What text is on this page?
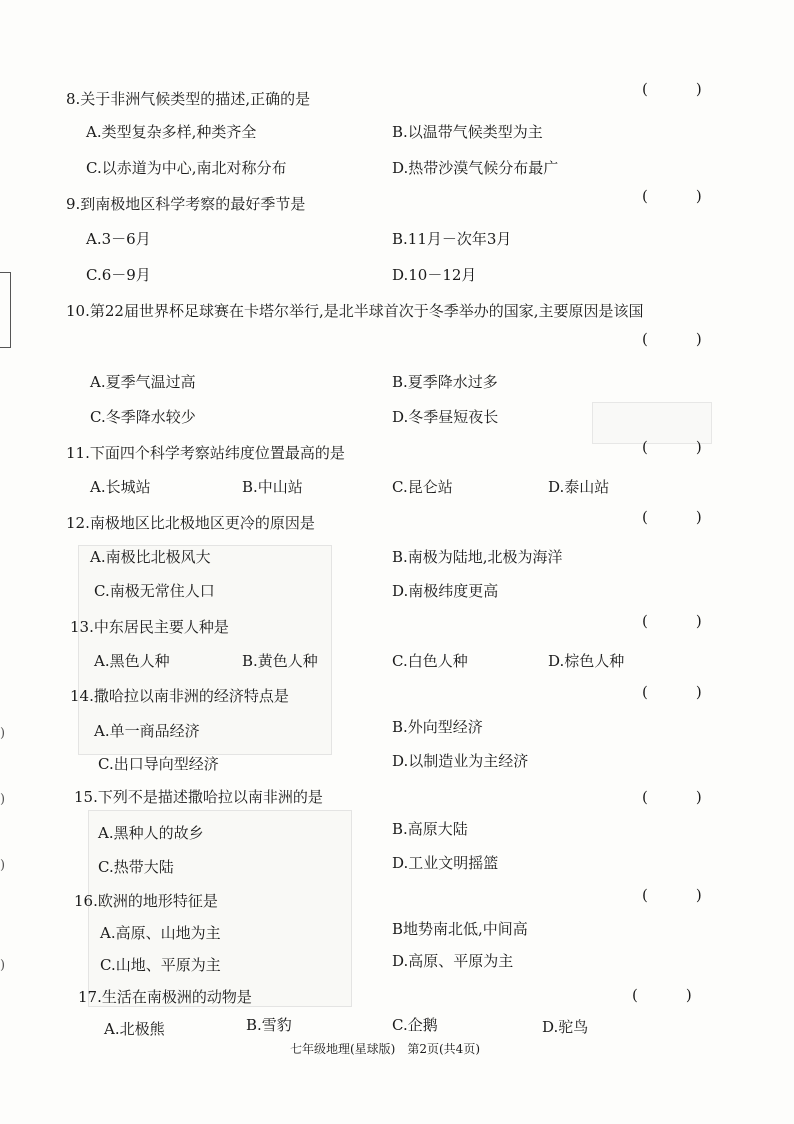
)
)
)
)
8.关于非洲气候类型的描述,正确的是
(	)
A.类型复杂多样,种类齐全	B.以温带气候类型为主
C.以赤道为中心,南北对称分布	D.热带沙漠气候分布最广
9.到南极地区科学考察的最好季节是	(	)
A.3－6月	B.11月－次年3月
C.6－9月	D.10－12月
10.第22届世界杯足球赛在卡塔尔举行,是北半球首次于冬季举办的国家,主要原因是该国
(	)
A.夏季气温过高	B.夏季降水过多
C.冬季降水较少	D.冬季昼短夜长
11.下面四个科学考察站纬度位置最高的是	(	)
A.长城站	B.中山站	C.昆仑站	D.泰山站
12.南极地区比北极地区更冷的原因是	(	)
A.南极比北极风大	B.南极为陆地,北极为海洋
C.南极无常住人口	D.南极纬度更高
13.中东居民主要人种是	(	)
A.黑色人种	B.黄色人种	C.白色人种	D.棕色人种
14.撒哈拉以南非洲的经济特点是	(	)
A.单一商品经济	B.外向型经济
C.出口导向型经济	D.以制造业为主经济
15.下列不是描述撒哈拉以南非洲的是	(	)
A.黑种人的故乡	B.高原大陆
C.热带大陆	D.工业文明摇篮
16.欧洲的地形特征是	(	)
A.高原、山地为主	B地势南北低,中间高
C.山地、平原为主	D.高原、平原为主
17.生活在南极洲的动物是	(	)
A.北极熊	B.雪豹	C.企鹅	D.驼鸟
七年级地理(星球版)　第2页(共4页)
